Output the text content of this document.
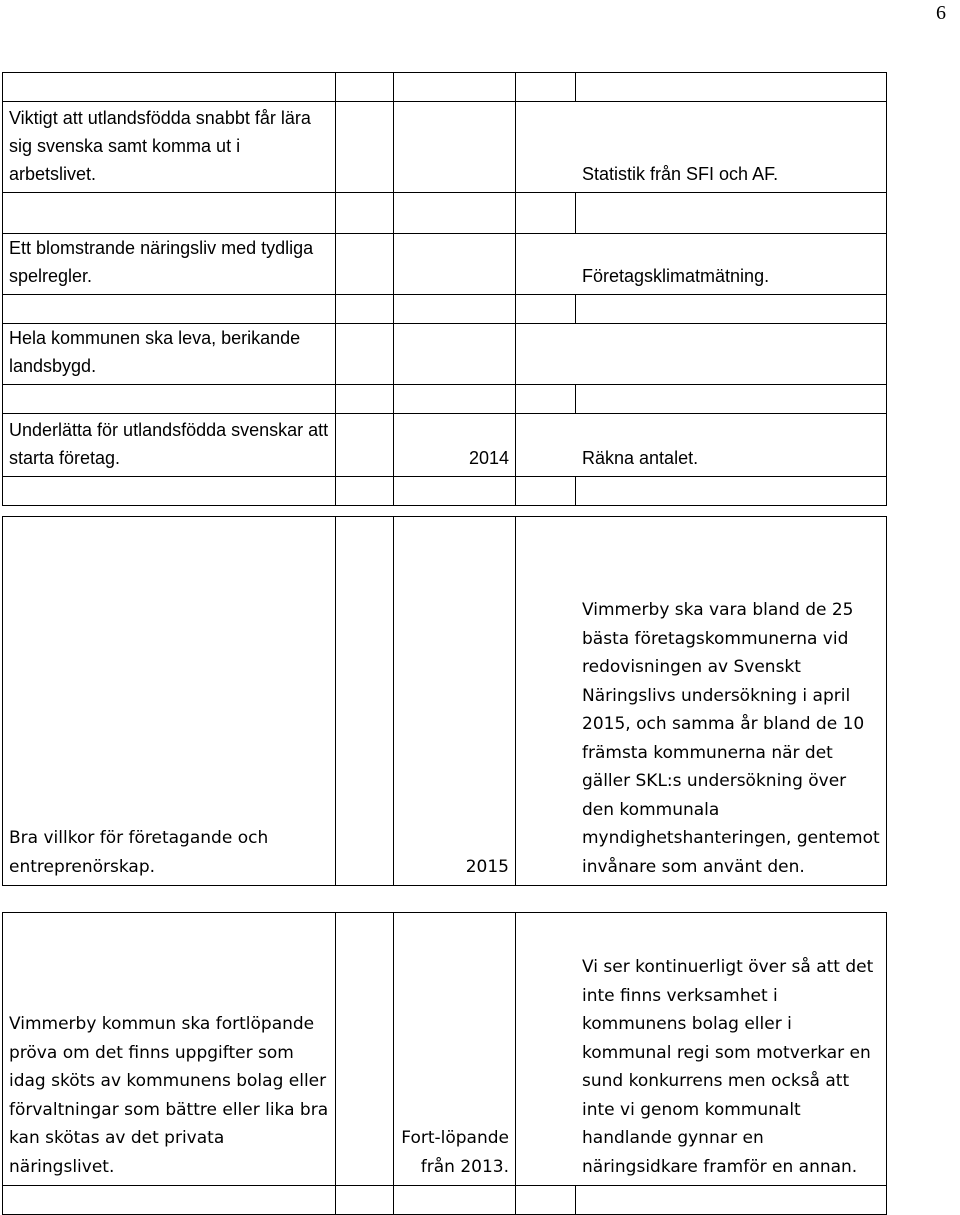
6

Viktigt att utlandsfödda snabbt får lära sig svenska samt komma ut i arbetslivet.			Statistik från SFI och AF.	

Ett blomstrande näringsliv med tydliga spelregler.			Företagsklimatmätning.	

Hela kommunen ska leva, berikande landsbygd.				

Underlätta för utlandsfödda svenskar att starta företag.		2014	Räkna antalet.	

Bra villkor för företagande och entreprenörskap.		2015	Vimmerby ska vara bland de 25 bästa företagskommunerna vid redovisningen av Svenskt Näringslivs undersökning i april 2015, och samma år bland de 10 främsta kommunerna när det gäller SKL:s undersökning över den kommunala myndighetshanteringen, gentemot invånare som använt den.
Vimmerby kommun ska fortlöpande pröva om det finns uppgifter som idag sköts av kommunens bolag eller förvaltningar som bättre eller lika bra kan skötas av det privata näringslivet.		Fort-löpande från 2013.	Vi ser kontinuerligt över så att det inte finns verksamhet i kommunens bolag eller i kommunal regi som motverkar en sund konkurrens men också att inte vi genom kommunalt handlande gynnar en näringsidkare framför en annan.	
